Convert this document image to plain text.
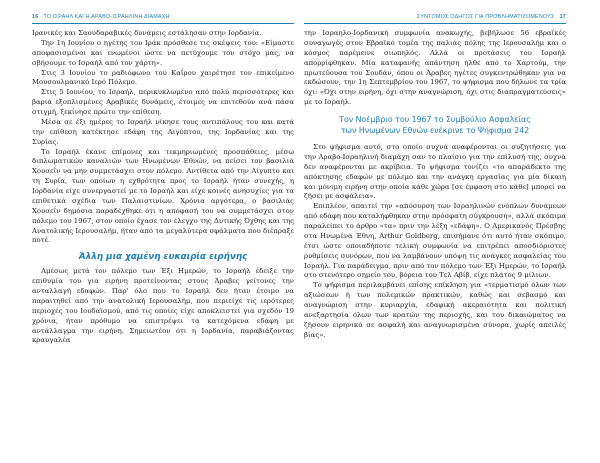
16 ΤΟ ΙΣΡΑΗΛ ΚΑΙ Η ΑΡΑΒΟ-ΙΣΡΑΗΛΙΝΗ ΔΙΑΜΑΧΗ

Ιρανικές και Σαουδαραβικές δυνάμεις εστάλησαν στην Ιορδανία.

Την 1η Ιουνίου ο ηγέτης του Ιράκ πρόσθεσε τις σκέψεις του: «Είμαστε αποφασισμένοι και ενωμένοι ώστε να πετύχουμε τον στόχο μας, να σβήσουμε το Ισραήλ από τον χάρτη».

Στις 3 Ιουνίου το ραδιόφωνο του Καΐρου χαιρέτησε τον επικείμενο Μουσουλμανικό Ιερό Πόλεμο.

Στις 5 Ιουνίου, το Ισραήλ, περικυκλωμένο από πολύ περισσότερες και βαριά εξοπλισμένες Αραβικές δυνάμεις, έτοιμες να επιτεθούν ανά πάσα στιγμή, ξεκίνησε πρώτο την επίθεση.

Μέσα σε έξι ημέρες το Ισραήλ νίκησε τους αντιπάλους του και κατά την επίθεση κατέκτησε εδάφη της Αιγύπτου, της Ιορδανίας και της Συρίας.

Το Ισραήλ έκανε επίμονες και τεκμηριωμένες προσπάθειες, μέσω διπλωματικών καναλιών των Ηνωμένων Εθνών, να πείσει τον βασιλιά Χουσεΐν να μην συμμετάσχει στον πόλεμο. Αντίθετα από την Αίγυπτο και τη Συρία, των οποίων η εχθρότητα προς το Ισραήλ ήταν συνεχής, η Ιορδανία είχε συνεργαστεί με το Ισραήλ και είχε κοινές ανησυχίες για τα επιθετικά σχέδια των Παλαιστινίων. Χρόνια αργότερα, ο βασιλιάς Χουσεΐν δημόσια παραδέχθηκε ότι η απόφασή του να συμμετάσχει στον πόλεμο του 1967, στον οποίο έχασε τον έλεγχο της Δυτικής Όχθης και της Ανατολικής Ιερουσαλήμ, ήταν από τα μεγαλύτερα σφάλματα που διέπραξε ποτέ.

Άλλη μια χαμένη ευκαιρία ειρήνης

Αμέσως μετά τον πόλεμο των Έξι Ημερών, το Ισραήλ έδειξε την επιθυμία του για ειρήνη προτείνοντας στους Άραβες γείτονες την ανταλλαγή εδαφών. Παρ' όλο που το Ισραήλ δεν ήταν έτοιμο να παραιτηθεί από την ανατολική Ιερουσαλήμ, που περιείχε τις ιερότερες περιοχές του Ιουδαϊσμού, από τις οποίες είχε αποκλειστεί για σχεδόν 19 χρόνια, ήταν πρόθυμο να επιστρέψει τα κατεχόμενα εδάφη με αντάλλαγμα την ειρήνη. Σημειωτέον ότι η Ιορδανία, παραβιάζοντας κραυγαλέα

ΣΥΝΤΟΜΟΣ ΟΔΗΓΟΣ ΓΙΑ ΠΡΟΒΛΗΜΑΤΙΖΟΜΕΝΟΥΣ 17

την Ισραηλο-Ιορδανική συμφωνία ανακωχής, βεβήλωσε 56 εβραϊκές συναγωγές στον Εβραϊκό τομέα της παλιάς πόλης της Ιερουσαλήμ και ο κόσμος παρέμεινε σιωπηλός. Αλλά οι προτάσεις του Ισραήλ απορρίφθηκαν. Μία καταφανής απάντηση ήλθε από το Χαρτούμ, την πρωτεύουσα του Σουδάν, όπου οι Άραβες ηγέτες συγκεντρώθηκαν για να εκδώσουν, την 1η Σεπτεμβρίου του 1967, το ψήφισμα που δήλωνε τα τρία όχι: «Όχι στην ειρήνη, όχι στην αναγνώριση, όχι στις διαπραγματεύσεις» με το Ισραήλ.

Τον Νοέμβριο του 1967 το Συμβούλιο Ασφαλείας
των Ηνωμένων Εθνών ενέκρινε το Ψήφισμα 242

Στο ψήφισμα αυτό, στο οποίο συχνά αναφέρονται οι συζητήσεις για την Αραβο-Ισραηλινή διαμάχη σαν το πλαίσιο για την επίλυσή της, συχνά δεν αναφέρονται με ακρίβεια. Το ψήφισμα τονίζει «το απαράδεκτο της απόκτησης εδαφών με πόλεμο και την ανάγκη εργασίας για μία δίκαιη και μόνιμη ειρήνη στην οποία κάθε χώρα [σε έμφαση στο κάθε] μπορεί να ζήσει με ασφάλεια».

Επιπλέον, απαιτεί την «απόσυρση των Ισραηλινών ενόπλων δυνάμεων από εδάφη που καταλήφθηκαν στην πρόσφατη σύγκρουση», αλλά σκόπιμα παραλείπει το άρθρο «τα» πριν την λέξη «εδάφη». Ο Αμερικανός Πρέσβης στα Ηνωμένα Έθνη, Arthur Goldberg, επισήμανε ότι αυτό ήταν σκόπιμο, έτσι ώστε οποιαδήποτε τελική συμφωνία να επιτρέπει αποσδιόριστες ρυθμίσεις συνόρων, που να λαμβάνουν υπόψη τις ανάγκες ασφαλείας του Ισραήλ. Για παράδειγμα, πριν από τον πόλεμο των Έξι Ημερών, το Ισραήλ στο στενότερο σημείο του, βόρεια του Τελ Αβίβ, είχε πλάτος 9 μίλιων.

Το ψήφισμα περιλαμβάνει επίσης επίκληση για «τερματισμό όλων των αξιώσεων ή των πολεμικών πρακτικών, καθώς και σεβασμό και αναγνώριση στην κυριαρχία, εδαφική ακεραιότητα και πολιτική ανεξαρτησία όλων των κρατών της περιοχής, και του δικαιώματος να ζήσουν ειρηνικά σε ασφαλή και αναγνωρισμένα σύνορα, χωρίς απειλές βίας».
